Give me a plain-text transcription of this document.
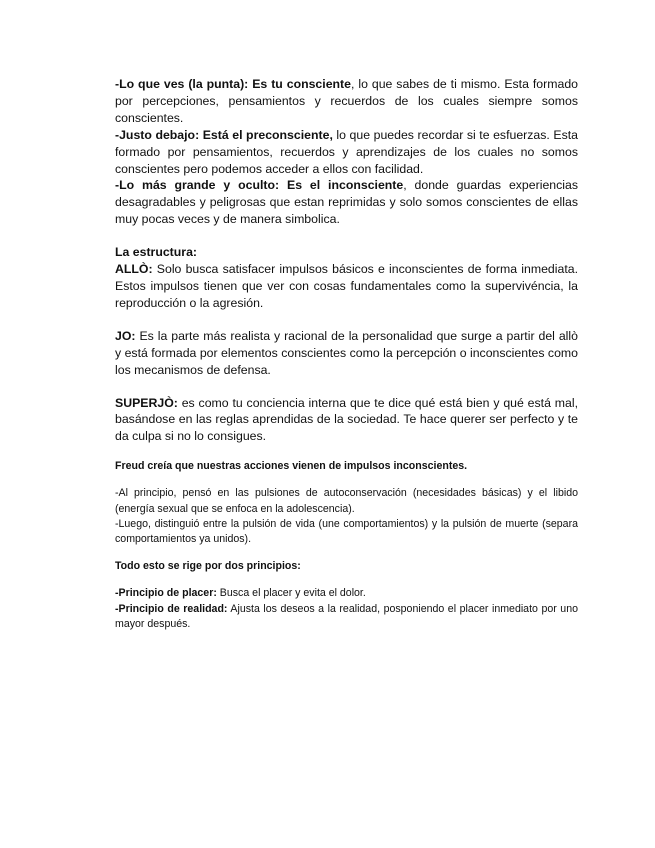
-Lo que ves (la punta): Es tu consciente, lo que sabes de ti mismo. Esta formado por percepciones, pensamientos y recuerdos de los cuales siempre somos conscientes.

-Justo debajo: Está el preconsciente, lo que puedes recordar si te esfuerzas. Esta formado por pensamientos, recuerdos y aprendizajes de los cuales no somos conscientes pero podemos acceder a ellos con facilidad.

-Lo más grande y oculto: Es el inconsciente, donde guardas experiencias desagradables y peligrosas que estan reprimidas y solo somos conscientes de ellas muy pocas veces y de manera simbolica.

La estructura:

ALLÒ: Solo busca satisfacer impulsos básicos e inconscientes de forma inmediata. Estos impulsos tienen que ver con cosas fundamentales como la supervivéncia, la reproducción o la agresión.

JO: Es la parte más realista y racional de la personalidad que surge a partir del allò y está formada por elementos conscientes como la percepción o inconscientes como los mecanismos de defensa.

SUPERJÒ: es como tu conciencia interna que te dice qué está bien y qué está mal, basándose en las reglas aprendidas de la sociedad. Te hace querer ser perfecto y te da culpa si no lo consigues.

Freud creía que nuestras acciones vienen de impulsos inconscientes.

-Al principio, pensó en las pulsiones de autoconservación (necesidades básicas) y el libido (energía sexual que se enfoca en la adolescencia).

-Luego, distinguió entre la pulsión de vida (une comportamientos) y la pulsión de muerte (separa comportamientos ya unidos).

Todo esto se rige por dos principios:

-Principio de placer: Busca el placer y evita el dolor.

-Principio de realidad: Ajusta los deseos a la realidad, posponiendo el placer inmediato por uno mayor después.
